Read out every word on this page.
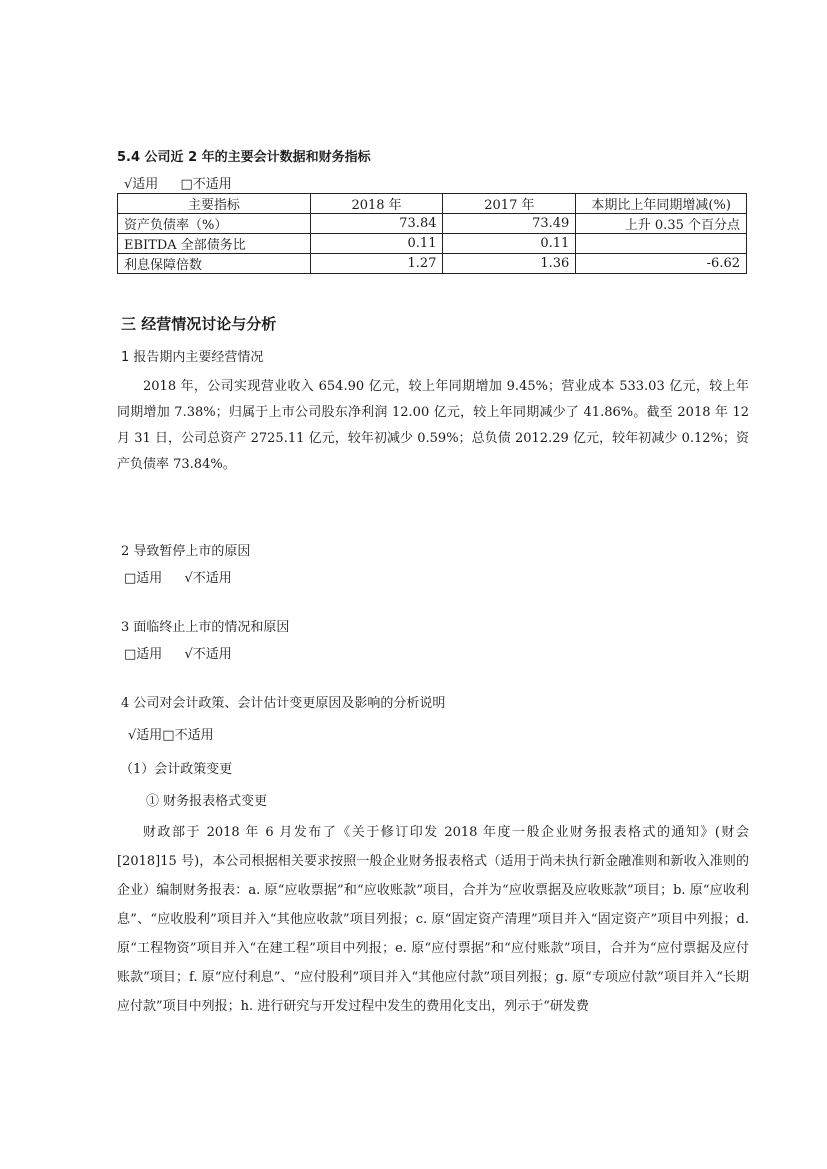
5.4 公司近 2 年的主要会计数据和财务指标
√适用 □不适用
主要指标	2018 年	2017 年	本期比上年同期增减(%)
资产负债率（%）	73.84	73.49	上升 0.35 个百分点
EBITDA 全部债务比	0.11	0.11	
利息保障倍数	1.27	1.36	-6.62
三 经营情况讨论与分析
1 报告期内主要经营情况
2018 年，公司实现营业收入 654.90 亿元，较上年同期增加 9.45%；营业成本 533.03 亿元，较上年同期增加 7.38%；归属于上市公司股东净利润 12.00 亿元，较上年同期减少了 41.86%。截至 2018 年 12 月 31 日，公司总资产 2725.11 亿元，较年初减少 0.59%；总负债 2012.29 亿元，较年初减少 0.12%；资产负债率 73.84%。
2 导致暂停上市的原因
□适用 √不适用
3 面临终止上市的情况和原因
□适用 √不适用
4 公司对会计政策、会计估计变更原因及影响的分析说明
√适用□不适用
（1）会计政策变更
① 财务报表格式变更
财政部于 2018 年 6 月发布了《关于修订印发 2018 年度一般企业财务报表格式的通知》(财会[2018]15 号)，本公司根据相关要求按照一般企业财务报表格式（适用于尚未执行新金融准则和新收入准则的企业）编制财务报表：a. 原“应收票据”和“应收账款”项目，合并为“应收票据及应收账款”项目；b. 原“应收利息”、“应收股利”项目并入“其他应收款”项目列报；c. 原“固定资产清理”项目并入“固定资产”项目中列报；d. 原“工程物资”项目并入“在建工程”项目中列报；e. 原“应付票据”和“应付账款”项目，合并为“应付票据及应付账款”项目；f. 原“应付利息”、“应付股利”项目并入“其他应付款”项目列报；g. 原“专项应付款”项目并入“长期应付款”项目中列报；h. 进行研究与开发过程中发生的费用化支出，列示于“研发费
